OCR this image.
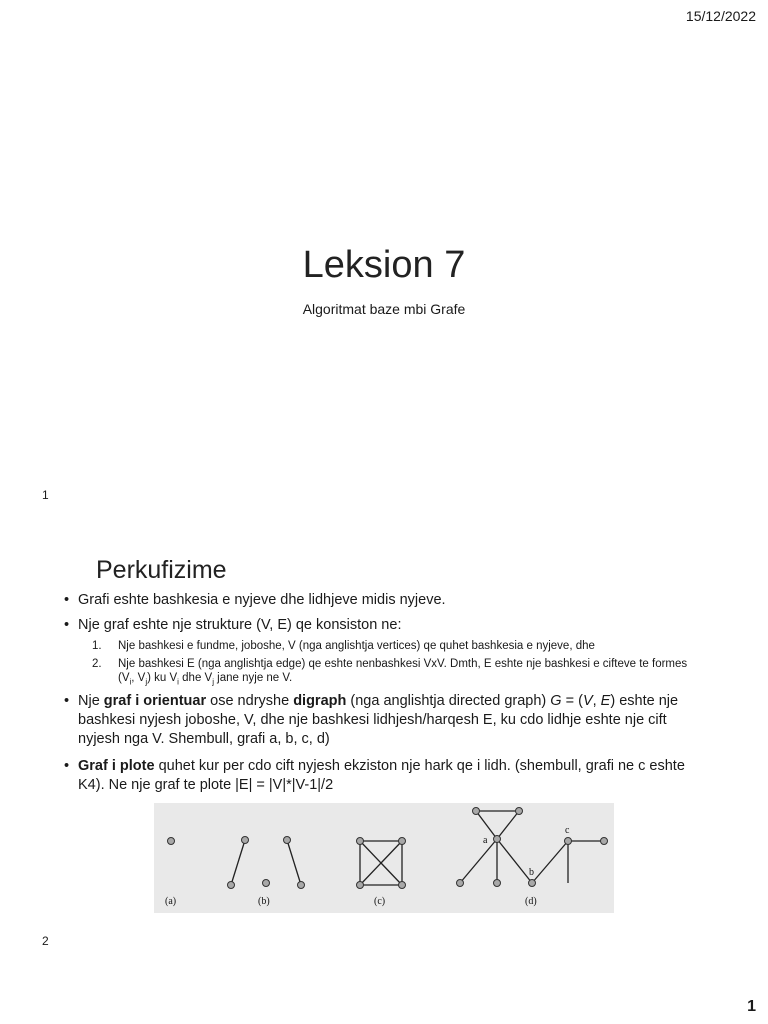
15/12/2022
Leksion 7
Algoritmat baze mbi Grafe
1
Perkufizime
• Grafi eshte bashkesia e nyjeve dhe lidhjeve midis nyjeve.
• Nje graf eshte nje strukture (V, E) qe konsiston ne:
1. Nje bashkesi e fundme, joboshe, V (nga anglishtja vertices) qe quhet bashkesia e nyjeve, dhe
2. Nje bashkesi E (nga anglishtja edge) qe eshte nenbashkesi VxV. Dmth, E eshte nje bashkesi e cifteve te formes ($V_i$, $V_j$) ku $V_i$ dhe $V_j$ jane nyje ne V.
• Nje graf i orientuar ose ndryshe digraph (nga anglishtja directed graph) G = (V, E) eshte nje bashkesi nyjesh joboshe, V, dhe nje bashkesi lidhjesh/harqesh E, ku cdo lidhje eshte nje cift nyjesh nga V. Shembull, grafi a, b, c, d)
• Graf i plote quhet kur per cdo cift nyjesh ekziston nje hark qe i lidh. (shembull, grafi ne c eshte K4). Ne nje graf te plote |E| = |V|*|V-1|/2
a
b
c
(a)	(b)	(c)	(d)
2
1
